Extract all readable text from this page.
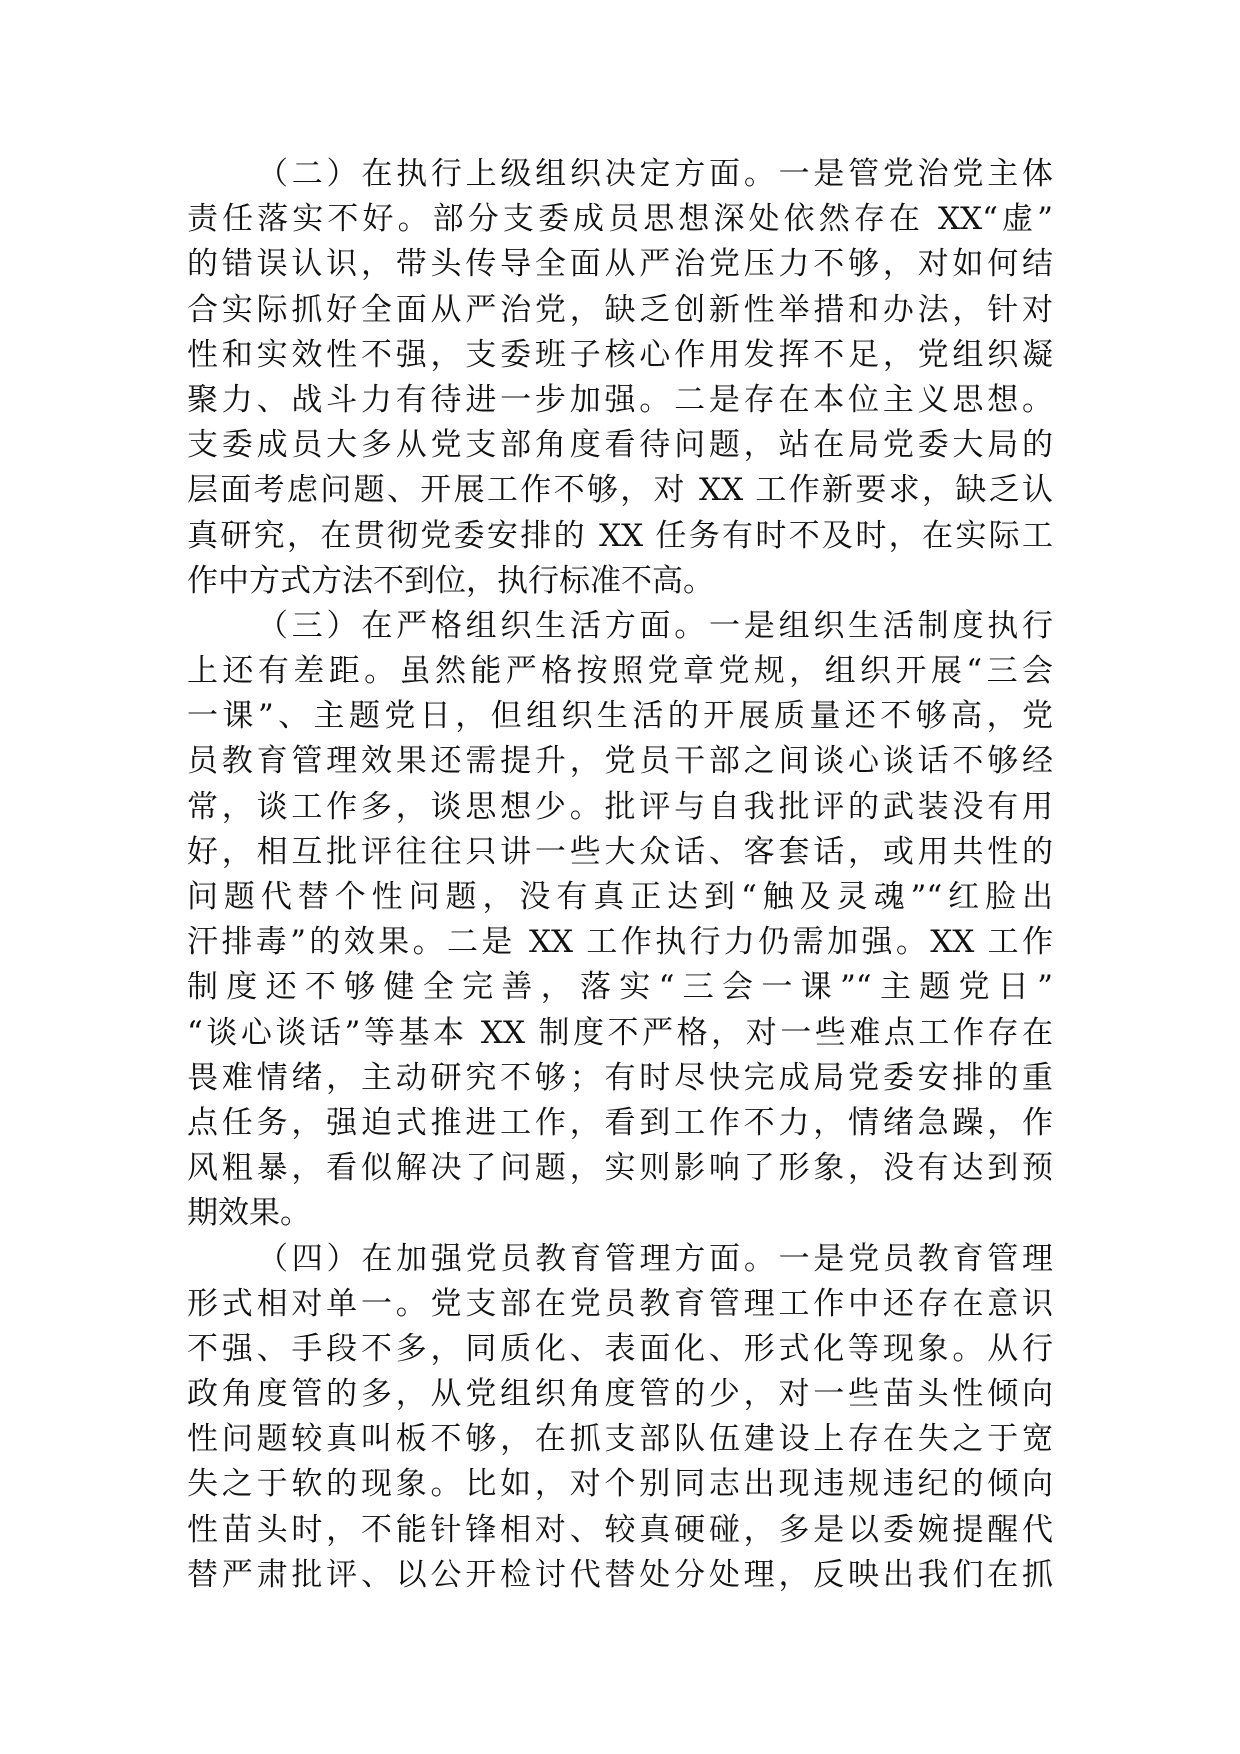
（二）在执行上级组织决定方面。一是管党治党主体
责任落实不好。部分支委成员思想深处依然存在 XX“虚”
的错误认识，带头传导全面从严治党压力不够，对如何结
合实际抓好全面从严治党，缺乏创新性举措和办法，针对
性和实效性不强，支委班子核心作用发挥不足，党组织凝
聚力、战斗力有待进一步加强。二是存在本位主义思想。
支委成员大多从党支部角度看待问题，站在局党委大局的
层面考虑问题、开展工作不够，对 XX 工作新要求，缺乏认
真研究，在贯彻党委安排的 XX 任务有时不及时，在实际工
作中方式方法不到位，执行标准不高。
（三）在严格组织生活方面。一是组织生活制度执行
上还有差距。虽然能严格按照党章党规，组织开展“三会
一课”、主题党日，但组织生活的开展质量还不够高，党
员教育管理效果还需提升，党员干部之间谈心谈话不够经
常，谈工作多，谈思想少。批评与自我批评的武装没有用
好，相互批评往往只讲一些大众话、客套话，或用共性的
问题代替个性问题，没有真正达到“触及灵魂”“红脸出
汗排毒”的效果。二是 XX 工作执行力仍需加强。XX 工作
制度还不够健全完善，落实“三会一课”“主题党日”
“谈心谈话”等基本 XX 制度不严格，对一些难点工作存在
畏难情绪，主动研究不够；有时尽快完成局党委安排的重
点任务，强迫式推进工作，看到工作不力，情绪急躁，作
风粗暴，看似解决了问题，实则影响了形象，没有达到预
期效果。
（四）在加强党员教育管理方面。一是党员教育管理
形式相对单一。党支部在党员教育管理工作中还存在意识
不强、手段不多，同质化、表面化、形式化等现象。从行
政角度管的多，从党组织角度管的少，对一些苗头性倾向
性问题较真叫板不够，在抓支部队伍建设上存在失之于宽
失之于软的现象。比如，对个别同志出现违规违纪的倾向
性苗头时，不能针锋相对、较真硬碰，多是以委婉提醒代
替严肃批评、以公开检讨代替处分处理，反映出我们在抓
